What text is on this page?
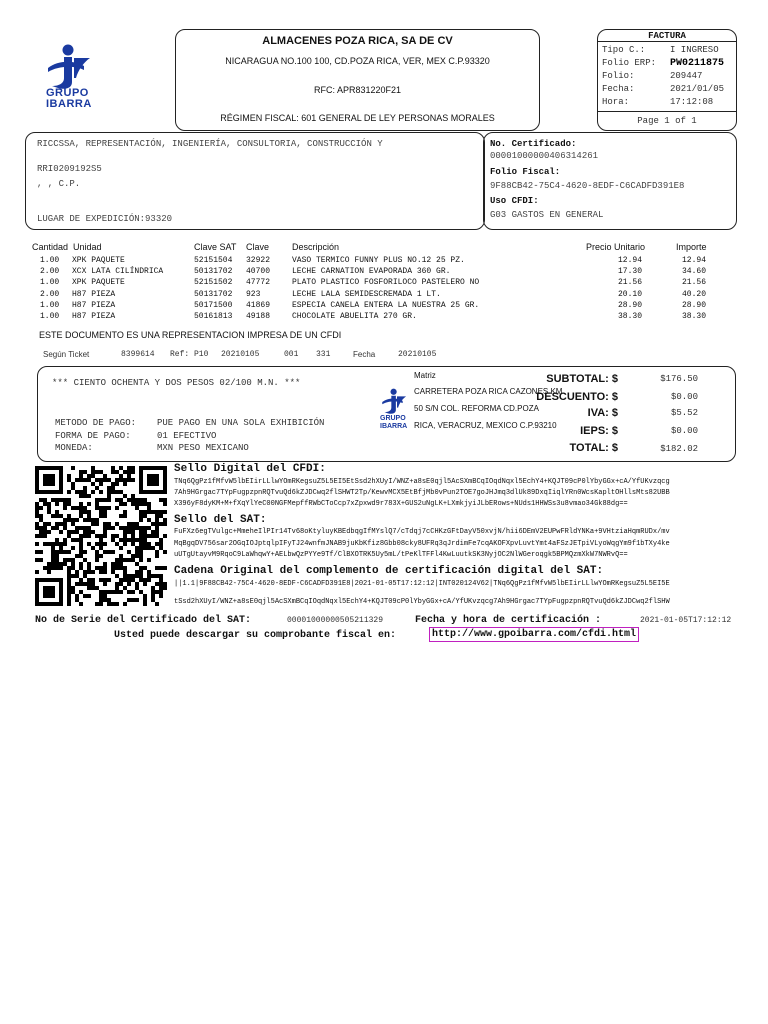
GRUPO
IBARRA
ALMACENES POZA RICA, SA DE CV
NICARAGUA NO.100 100, CD.POZA RICA, VER, MEX C.P.93320
RFC: APR831220F21
RÉGIMEN FISCAL: 601 GENERAL DE LEY PERSONAS MORALES
FACTURA
Tipo C.:	I INGRESO
Folio ERP: PW0211875
Folio:	209447
Fecha:	2021/01/05
Hora:	17:12:08
Page 1 of 1
RICCSSA, REPRESENTACIÓN, INGENIERÍA, CONSULTORIA, CONSTRUCCIÓN Y
RRI0209192S5
, , C.P.
LUGAR DE EXPEDICIÓN:93320
No. Certificado:
00001000000406314261
Folio Fiscal:
9F88CB42-75C4-4620-8EDF-C6CADFD391E8
Uso CFDI:
G03 GASTOS EN GENERAL
Cantidad Unidad	Clave SAT Clave	Descripción	Precio Unitario	Importe
1.00 XPK PAQUETE	52151504 32922	VASO TERMICO FUNNY PLUS NO.12 25 PZ.	12.94	12.94
2.00 XCX LATA CILÍNDRICA	50131702 40700	LECHE CARNATION EVAPORADA 360 GR.	17.30	34.60
1.00 XPK PAQUETE	52151502 47772	PLATO PLASTICO FOSFORILOCO PASTELERO NO	21.56	21.56
2.00 H87 PIEZA	50131702 923	LECHE LALA SEMIDESCREMADA 1 LT.	20.10	40.20
1.00 H87 PIEZA	50171500 41869	ESPECIA CANELA ENTERA LA NUESTRA 25 GR.	28.90	28.90
1.00 H87 PIEZA	50161813 49188	CHOCOLATE ABUELITA 270 GR.	38.30	38.30
ESTE DOCUMENTO ES UNA REPRESENTACION IMPRESA DE UN CFDI
Según Ticket	8399614 Ref: P10 20210105	001 331	Fecha	20210105
*** CIENTO OCHENTA Y DOS PESOS 02/100 M.N. ***
METODO DE PAGO: PUE PAGO EN UNA SOLA EXHIBICIÓN
FORMA DE PAGO:	01 EFECTIVO
MONEDA:	MXN PESO MEXICANO
Matriz
GRUPO
IBARRA
CARRETERA POZA RICA CAZONES KM
50 S/N COL. REFORMA CD.POZA
RICA, VERACRUZ, MEXICO C.P.93210
SUBTOTAL: $	$176.50
DESCUENTO: $	$0.00
IVA: $	$5.52
IEPS: $	$0.00
TOTAL: $	$182.02
Sello Digital del CFDI:
TNq6QgPz1fMfvW5lbEIirLLlwYOmRKegsuZ5L5EI5EtSsd2hXUyI/WNZ+a8sE0qjl5AcSXmBCqIOqdNqxl5EchY4+KQJT09cP0lYbyGGx+cA/YfUKvzqcg
7Ah9HGrgac7TYpFugpzpnRQTvuQd6kZJDCwq2flSHWT2Tp/KewvMCX5EtBfjMb0vPun2TOE7goJHJmq3dlUk89DxqIiqlYRn0WcsKapltOHllsMts82UBB
X396yF8dyKM+M+fXqYlYeC00NGFMepffRWbCToCcp7xZpxwd9r783X+GUS2uNgLK+LXmkjyiJLbERows+NUds1HHWSs3u8vmao34Gk88dg==
Sello del SAT:
FuFXz6egTVulgc+MmeheIlPIr14Tv68oKtyluyKBEdbqgIfMYslQ7/cTdqj7cCHKzGFtDayV50xvjN/hii6DEmV2EUPwFRldYNKa+9VHtziaHqmRUDx/mv
MqBgqDV756sar2OGqIOJptqlpIFyTJ24wnfmJNAB9juKbKfiz8Gbb08cky8UFRq3qJrdimFe7cqAKOFXpvLuvtYmt4aFSzJETpiVLyoWqgYm9f1bTXy4ke
uUTgUtayvM9RqoC9LaWhqwY+AELbwQzPYYe9Tf/ClBXOTRK5Uy5mL/tPeKlTFFl4KwLuutkSK3NyjOC2NlWGeroqgk5BPMQzmXkW7NWRvQ==
Cadena Original del complemento de certificación digital del SAT:
||1.1|9F88CB42-75C4-4620-8EDF-C6CADFD391E8|2021-01-05T17:12:12|INT020124V62|TNq6QgPz1fMfvW5lbEIirLLlwYOmRKegsuZ5L5EI5E
tSsd2hXUyI/WNZ+a8sE0qjl5AcSXmBCqIOqdNqxl5EchY4+KQJT09cP0lYbyGGx+cA/YfUKvzqcg7Ah9HGrgac7TYpFugpzpnRQTvuQd6kZJDCwq2flSHW
No de Serie del Certificado del SAT:	00001000000505211329	Fecha y hora de certificación :	2021-01-05T17:12:12
Usted puede descargar su comprobante fiscal en:	http://www.gpoibarra.com/cfdi.html
